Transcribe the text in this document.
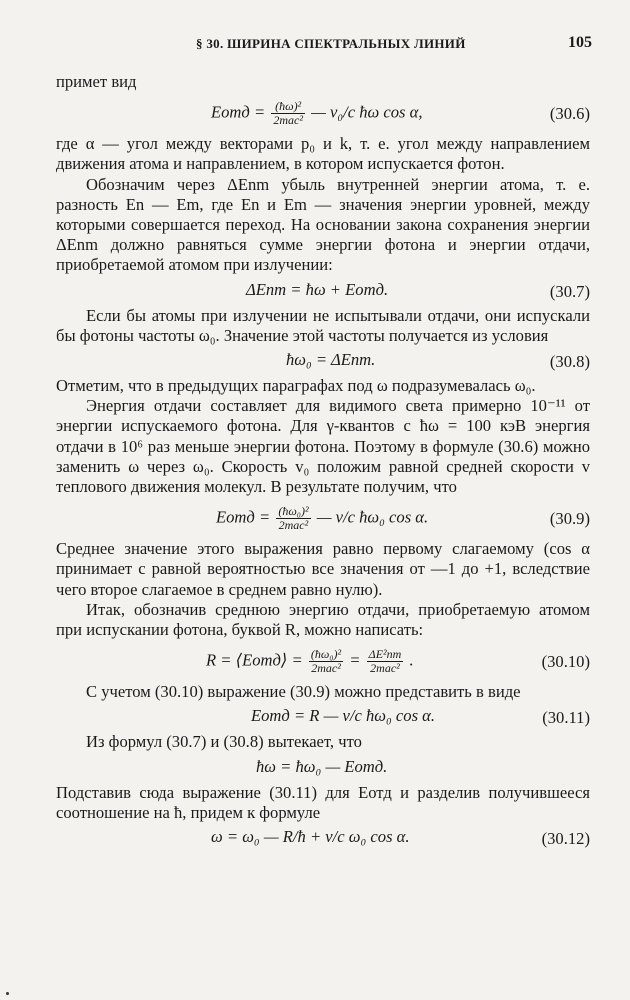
§ 30. ШИРИНА СПЕКТРАЛЬНЫХ ЛИНИЙ	105

примет вид

Eотд = $\frac{\text{(ħω)²}}{\text{2mac²}}$ — v₀/c ħω cos α,	(30.6)

где α — угол между векторами p₀ и k, т. е. угол между направлением движения атома и направлением, в котором испускается фотон.

Обозначим через ΔEnm убыль внутренней энергии атома, т. е. разность En — Em, где En и Em — значения энергии уровней, между которыми совершается переход. На основании закона сохранения энергии ΔEnm должно равняться сумме энергии фотона и энергии отдачи, приобретаемой атомом при излучении:

ΔEnm = ħω + Eотд.	(30.7)

Если бы атомы при излучении не испытывали отдачи, они испускали бы фотоны частоты ω₀. Значение этой частоты получается из условия

ħω₀ = ΔEnm.	(30.8)

Отметим, что в предыдущих параграфах под ω подразумевалась ω₀.

Энергия отдачи составляет для видимого света примерно 10⁻¹¹ от энергии испускаемого фотона. Для γ-квантов с ħω = 100 кэВ энергия отдачи в 10⁶ раз меньше энергии фотона. Поэтому в формуле (30.6) можно заменить ω через ω₀. Скорость v₀ положим равной средней скорости v теплового движения молекул. В результате получим, что

Eотд = $\frac{\text{(ħω₀)²}}{\text{2mac²}}$ — v/c ħω₀ cos α.	(30.9)

Среднее значение этого выражения равно первому слагаемому (cos α принимает с равной вероятностью все значения от —1 до +1, вследствие чего второе слагаемое в среднем равно нулю).

Итак, обозначив среднюю энергию отдачи, приобретаемую атомом при испускании фотона, буквой R, можно написать:

R = ⟨Eотд⟩ = $\frac{\text{(ħω₀)²}}{\text{2mac²}} = \frac{\text{ΔE²nm}}{\text{2mac²}}$ .	(30.10)

С учетом (30.10) выражение (30.9) можно представить в виде

Eотд = R — v/c ħω₀ cos α.	(30.11)

Из формул (30.7) и (30.8) вытекает, что

ħω = ħω₀ — Eотд.

Подставив сюда выражение (30.11) для Eотд и разделив получившееся соотношение на ħ, придем к формуле

ω = ω₀ — R/ħ + v/c ω₀ cos α.	(30.12)
